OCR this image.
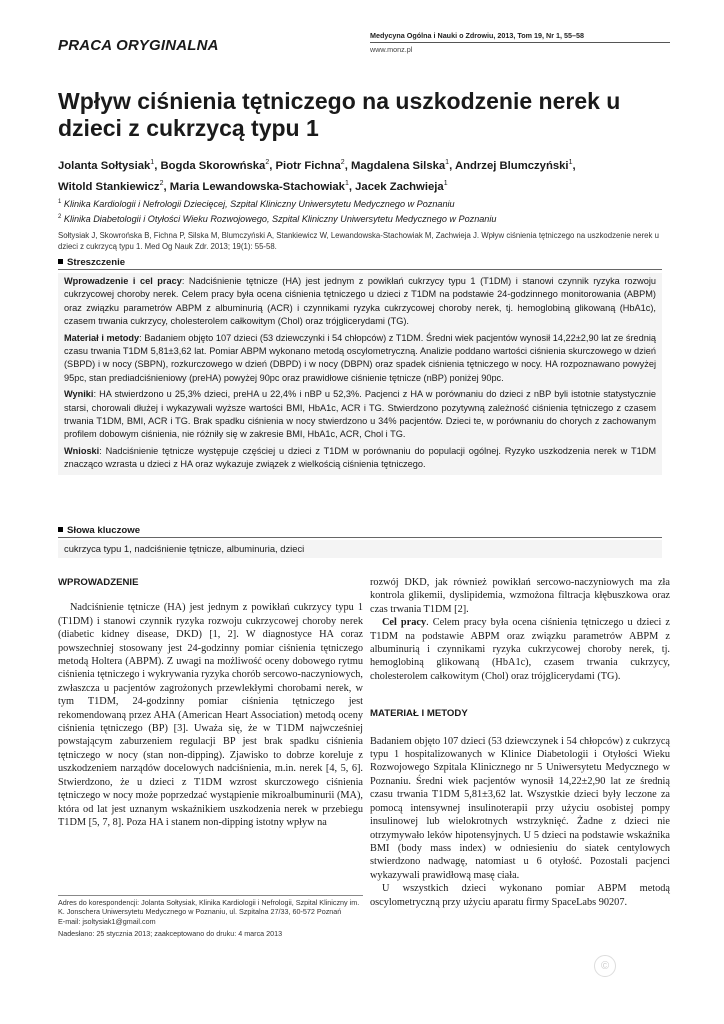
PRACA ORYGINALNA
Medycyna Ogólna i Nauki o Zdrowiu, 2013, Tom 19, Nr 1, 55–58
www.monz.pl
Wpływ ciśnienia tętniczego na uszkodzenie nerek u dzieci z cukrzycą typu 1
Jolanta Sołtysiak$^1$, Bogda Skorowńska$^2$, Piotr Fichna$^2$, Magdalena Silska$^1$, Andrzej Blumczyński$^1$,
Witold Stankiewicz$^2$, Maria Lewandowska-Stachowiak$^1$, Jacek Zachwieja$^1$
$^1$ Klinika Kardiologii i Nefrologii Dziecięcej, Szpital Kliniczny Uniwersytetu Medycznego w Poznaniu
$^2$ Klinika Diabetologii i Otyłości Wieku Rozwojowego, Szpital Kliniczny Uniwersytetu Medycznego w Poznaniu
Sołtysiak J, Skowrońska B, Fichna P, Silska M, Blumczyński A, Stankiewicz W, Lewandowska-Stachowiak M, Zachwieja J. Wpływ ciśnienia tętniczego na uszkodzenie nerek u dzieci z cukrzycą typu 1. Med Og Nauk Zdr. 2013; 19(1): 55-58.
Streszczenie

Wprowadzenie i cel pracy: Nadciśnienie tętnicze (HA) jest jednym z powikłań cukrzycy typu 1 (T1DM) i stanowi czynnik ryzyka rozwoju cukrzycowej choroby nerek. Celem pracy była ocena ciśnienia tętniczego u dzieci z T1DM na podstawie 24-godzinnego monitorowania (ABPM) oraz związku parametrów ABPM z albuminurią (ACR) i czynnikami ryzyka cukrzycowej choroby nerek, tj. hemoglobiną glikowaną (HbA1c), czasem trwania cukrzycy, cholesterolem całkowitym (Chol) oraz trójglicerydami (TG).

Materiał i metody: Badaniem objęto 107 dzieci (53 dziewczynki i 54 chłopców) z T1DM. Średni wiek pacjentów wynosił 14,22±2,90 lat ze średnią czasu trwania T1DM 5,81±3,62 lat. Pomiar ABPM wykonano metodą oscylometryczną. Analizie poddano wartości ciśnienia skurczowego w dzień (SBPD) i w nocy (SBPN), rozkurczowego w dzień (DBPD) i w nocy (DBPN) oraz spadek ciśnienia tętniczego w nocy. HA rozpoznawano powyżej 95pc, stan prediadciśnieniowy (preHA) powyżej 90pc oraz prawidłowe ciśnienie tętnicze (nBP) poniżej 90pc.

Wyniki: HA stwierdzono u 25,3% dzieci, preHA u 22,4% i nBP u 52,3%. Pacjenci z HA w porównaniu do dzieci z nBP byli istotnie statystycznie starsi, chorowali dłużej i wykazywali wyższe wartości BMI, HbA1c, ACR i TG. Stwierdzono pozytywną zależność ciśnienia tętniczego z czasem trwania T1DM, BMI, ACR i TG. Brak spadku ciśnienia w nocy stwierdzono u 34% pacjentów. Dzieci te, w porównaniu do chorych z zachowanym profilem dobowym ciśnienia, nie różniły się w zakresie BMI, HbA1c, ACR, Chol i TG.

Wnioski: Nadciśnienie tętnicze występuje częściej u dzieci z T1DM w porównaniu do populacji ogólnej. Ryzyko uszkodzenia nerek w T1DM znacząco wzrasta u dzieci z HA oraz wykazuje związek z wielkością ciśnienia tętniczego.

Słowa kluczowe
cukrzyca typu 1, nadciśnienie tętnicze, albuminuria, dzieci
WPROWADZENIE

Nadciśnienie tętnicze (HA) jest jednym z powikłań cukrzycy typu 1 (T1DM) i stanowi czynnik ryzyka rozwoju cukrzycowej choroby nerek (diabetic kidney disease, DKD) [1, 2]. W diagnostyce HA coraz powszechniej stosowany jest 24-godzinny pomiar ciśnienia tętniczego metodą Holtera (ABPM). Z uwagi na możliwość oceny dobowego rytmu ciśnienia tętniczego i wykrywania ryzyka chorób sercowo-naczyniowych, zwłaszcza u pacjentów zagrożonych przewlekłymi chorobami nerek, w tym T1DM, 24-godzinny pomiar ciśnienia tętniczego jest rekomendowaną przez AHA (American Heart Association) metodą oceny ciśnienia tętniczego (BP) [3]. Uważa się, że w T1DM najwcześniej powstającym zaburzeniem regulacji BP jest brak spadku ciśnienia tętniczego w nocy (stan non-dipping). Zjawisko to dobrze koreluje z uszkodzeniem narządów docelowych nadciśnienia, m.in. nerek [4, 5, 6]. Stwierdzono, że u dzieci z T1DM wzrost skurczowego ciśnienia tętniczego w nocy może poprzedzać wystąpienie mikroalbuminurii (MA), która od lat jest uznanym wskaźnikiem uszkodzenia nerek w przebiegu T1DM [5, 7, 8]. Poza HA i stanem non-dipping istotny wpływ na

rozwój DKD, jak również powikłań sercowo-naczyniowych ma zła kontrola glikemii, dyslipidemia, wzmożona filtracja kłębuszkowa oraz czas trwania T1DM [2].

Cel pracy. Celem pracy była ocena ciśnienia tętniczego u dzieci z T1DM na podstawie ABPM oraz związku parametrów ABPM z albuminurią i czynnikami ryzyka cukrzycowej choroby nerek, tj. hemoglobiną glikowaną (HbA1c), czasem trwania cukrzycy, cholesterolem całkowitym (Chol) oraz trójglicerydami (TG).

MATERIAŁ I METODY

Badaniem objęto 107 dzieci (53 dziewczynek i 54 chłopców) z cukrzycą typu 1 hospitalizowanych w Klinice Diabetologii i Otyłości Wieku Rozwojowego Szpitala Klinicznego nr 5 Uniwersytetu Medycznego w Poznaniu. Średni wiek pacjentów wynosił 14,22±2,90 lat ze średnią czasu trwania T1DM 5,81±3,62 lat. Wszystkie dzieci były leczone za pomocą intensywnej insulinoterapii przy użyciu osobistej pompy insulinowej lub wielokrotnych wstrzyknięć. Żadne z dzieci nie otrzymywało leków hipotensyjnych. U 5 dzieci na podstawie wskaźnika BMI (body mass index) w odniesieniu do siatek centylowych stwierdzono nadwagę, natomiast u 6 otyłość. Pozostali pacjenci wykazywali prawidłową masę ciała.

U wszystkich dzieci wykonano pomiar ABPM metodą oscylometryczną przy użyciu aparatu firmy SpaceLabs 90207.

Adres do korespondencji: Jolanta Sołtysiak, Klinika Kardiologii i Nefrologii, Szpital Kliniczny im. K. Jonschera Uniwersytetu Medycznego w Poznaniu, ul. Szpitalna 27/33, 60-572 Poznań
E-mail: jsoltysiak1@gmail.com
Nadesłano: 25 stycznia 2013; zaakceptowano do druku: 4 marca 2013
©
